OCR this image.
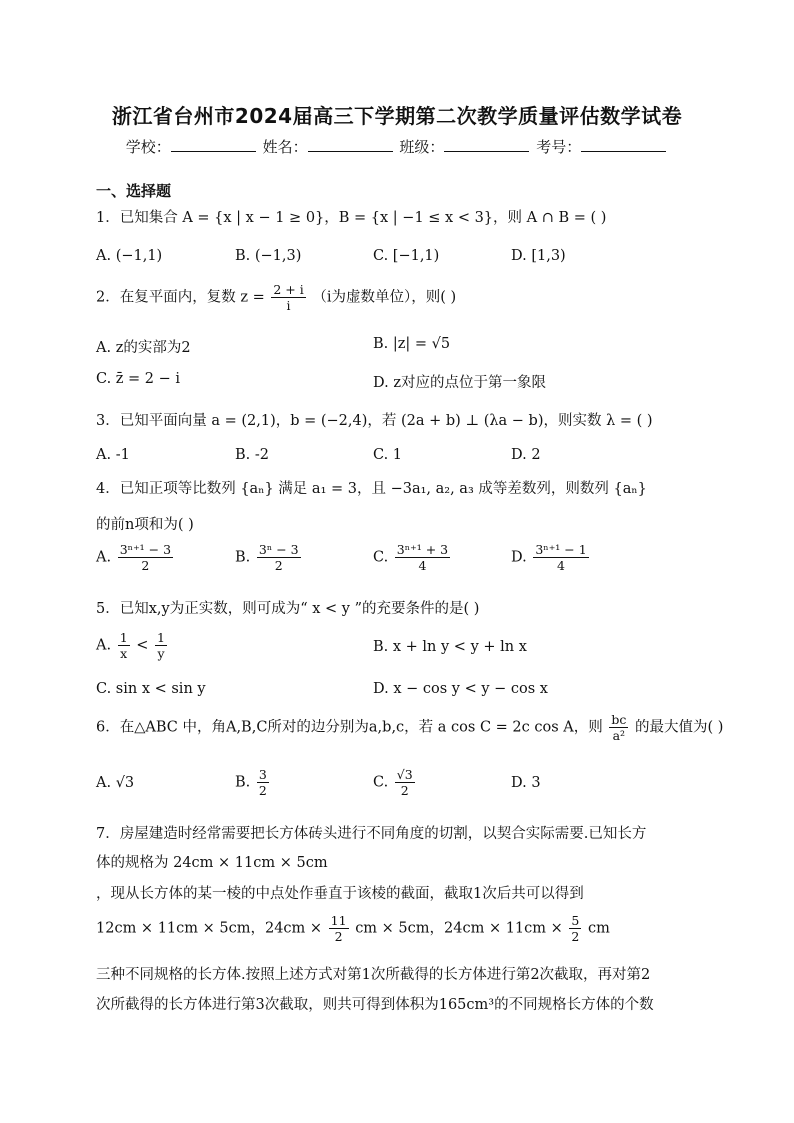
浙江省台州市2024届高三下学期第二次教学质量评估数学试卷
学校：	姓名：	班级：	考号：
一、选择题
1．已知集合 A = {x | x − 1 ≥ 0}，B = {x | −1 ≤ x < 3}，则 A ∩ B = ( )
A. (−1,1)	B. (−1,3)	C. [−1,1)	D. [1,3)
2．在复平面内，复数 $z = \frac{2 + i}{i} (i$为虚数单位），则( )
A. z的实部为2	B. |z| = √5
C. z̄ = 2 − i	D. z对应的点位于第一象限
3．已知平面向量 a = (2,1)，b = (−2,4)，若 (2a + b) ⊥ (λa − b)，则实数 λ = ( )
A. -1	B. -2	C. 1	D. 2
4．已知正项等比数列 {aₙ} 满足 a₁ = 3，且 −3a₁, a₂, a₃ 成等差数列，则数列 {aₙ}
的前n项和为( )
A. $\frac{\text{3ⁿ⁺¹ − 3}}{2}$	B. $\frac{\text{3ⁿ − 3}}{2}$	C. $\frac{\text{3ⁿ⁺¹ + 3}}{4}$	D. $\frac{\text{3ⁿ⁺¹ − 1}}{4}$
5．已知x,y为正实数，则可成为“ x < y ”的充要条件的是( )
A. $\frac{1}{x} < \frac{1}{y}$	B. x + ln y < y + ln x
C. sin x < sin y	D. x − cos y < y − cos x
6．在△ABC 中，角A,B,C所对的边分别为a,b,c，若 a cos C = 2c cos A，则 $\frac{bc}{\text{a²}}$ 的最大值为( )
A. √3	B. $\frac{3}{2}$	C. $\frac{√3}{2}$	D. 3
7．房屋建造时经常需要把长方体砖头进行不同角度的切割，以契合实际需要.已知长方
体的规格为 24cm × 11cm × 5cm
，现从长方体的某一棱的中点处作垂直于该棱的截面，截取1次后共可以得到
12cm × 11cm × 5cm，$24cm \times \frac{11}{2}$ cm × 5cm，$24cm \times 11cm \times \frac{5}{2}$ cm
三种不同规格的长方体.按照上述方式对第1次所截得的长方体进行第2次截取，再对第2
次所截得的长方体进行第3次截取，则共可得到体积为165cm³的不同规格长方体的个数
